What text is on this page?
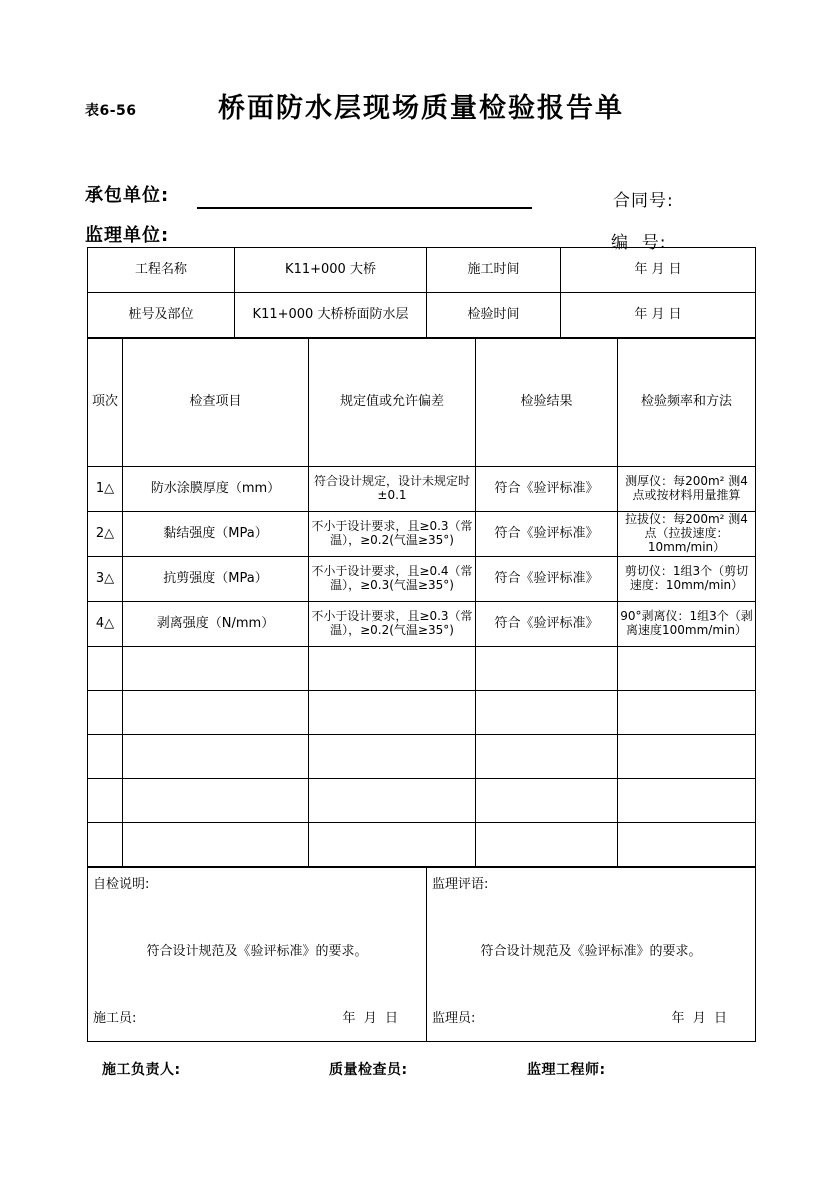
表6-56	桥面防水层现场质量检验报告单
承包单位:	合同号:
监理单位:	编  号:
工程名称	K11+000 大桥	施工时间	年 月 日
桩号及部位	K11+000 大桥桥面防水层	检验时间	年 月 日
项次	检查项目	规定值或允许偏差	检验结果	检验频率和方法
1△	防水涂膜厚度（mm）	符合设计规定，设计未规定时±0.1	符合《验评标准》	测厚仪：每200m² 测4点或按材料用量推算
2△	黏结强度（MPa）	不小于设计要求，且≥0.3（常温），≥0.2(气温≥35°)	符合《验评标准》	拉拔仪：每200m² 测4点（拉拔速度：10mm/min）
3△	抗剪强度（MPa）	不小于设计要求，且≥0.4（常温），≥0.3(气温≥35°)	符合《验评标准》	剪切仪：1组3个（剪切速度：10mm/min）
4△	剥离强度（N/mm）	不小于设计要求，且≥0.3（常温），≥0.2(气温≥35°)	符合《验评标准》	90°剥离仪：1组3个（剥离速度100mm/min）

自检说明:
符合设计规范及《验评标准》的要求。
施工员:	年  月  日

监理评语:
符合设计规范及《验评标准》的要求。
监理员:	年  月  日
施工负责人:	质量检查员:	监理工程师:
